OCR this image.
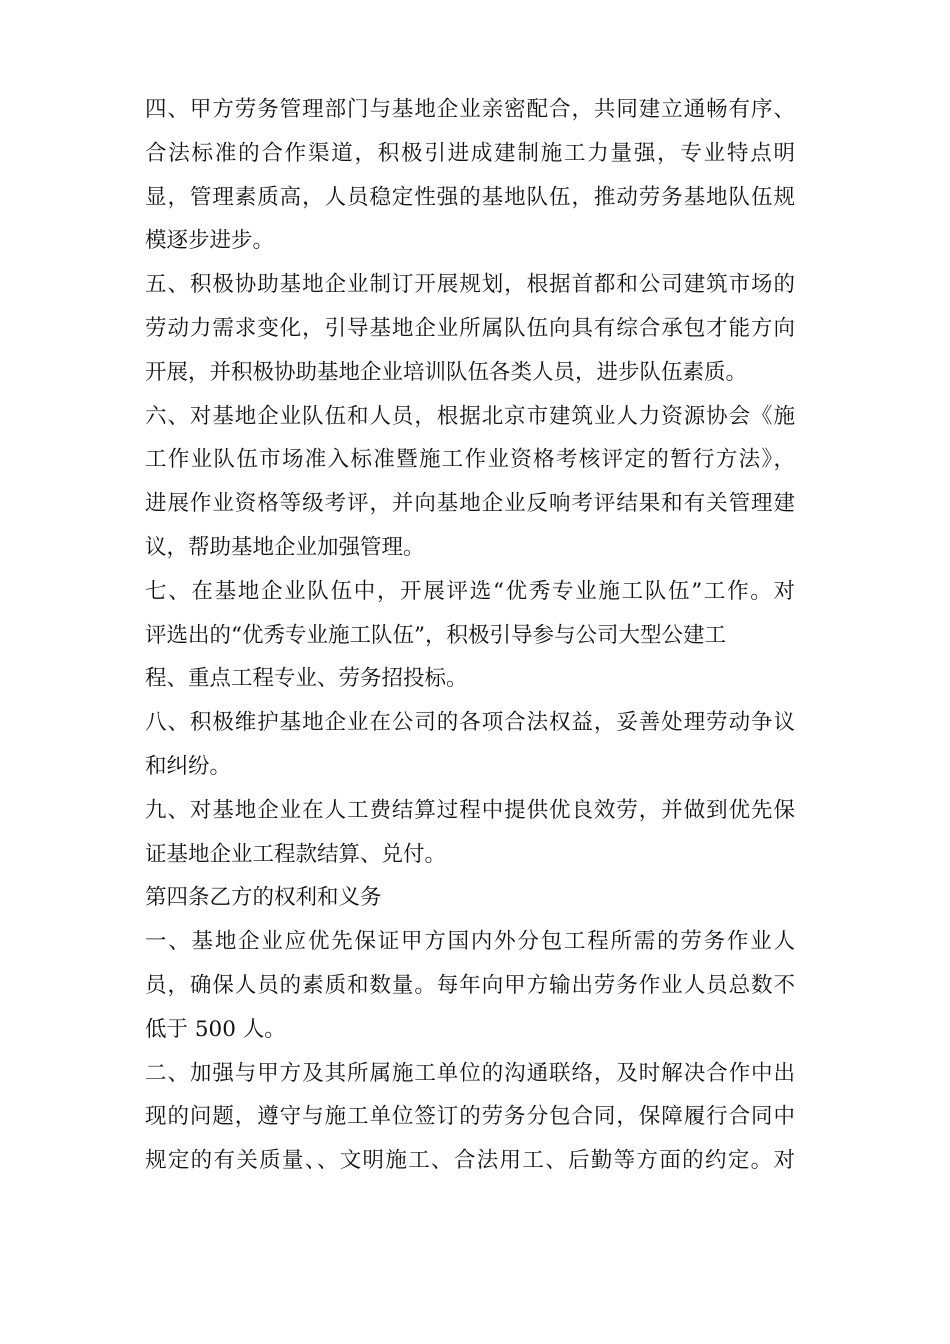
四、甲方劳务管理部门与基地企业亲密配合，共同建立通畅有序、
合法标准的合作渠道，积极引进成建制施工力量强，专业特点明
显，管理素质高，人员稳定性强的基地队伍，推动劳务基地队伍规
模逐步进步。
五、积极协助基地企业制订开展规划，根据首都和公司建筑市场的
劳动力需求变化，引导基地企业所属队伍向具有综合承包才能方向
开展，并积极协助基地企业培训队伍各类人员，进步队伍素质。
六、对基地企业队伍和人员，根据北京市建筑业人力资源协会《施
工作业队伍市场准入标准暨施工作业资格考核评定的暂行方法》，
进展作业资格等级考评，并向基地企业反响考评结果和有关管理建
议，帮助基地企业加强管理。
七、在基地企业队伍中，开展评选“优秀专业施工队伍”工作。对
评选出的“优秀专业施工队伍”，积极引导参与公司大型公建工
程、重点工程专业、劳务招投标。
八、积极维护基地企业在公司的各项合法权益，妥善处理劳动争议
和纠纷。
九、对基地企业在人工费结算过程中提供优良效劳，并做到优先保
证基地企业工程款结算、兑付。
第四条乙方的权利和义务
一、基地企业应优先保证甲方国内外分包工程所需的劳务作业人
员，确保人员的素质和数量。每年向甲方输出劳务作业人员总数不
低于 500 人。
二、加强与甲方及其所属施工单位的沟通联络，及时解决合作中出
现的问题，遵守与施工单位签订的劳务分包合同，保障履行合同中
规定的有关质量、、文明施工、合法用工、后勤等方面的约定。对
